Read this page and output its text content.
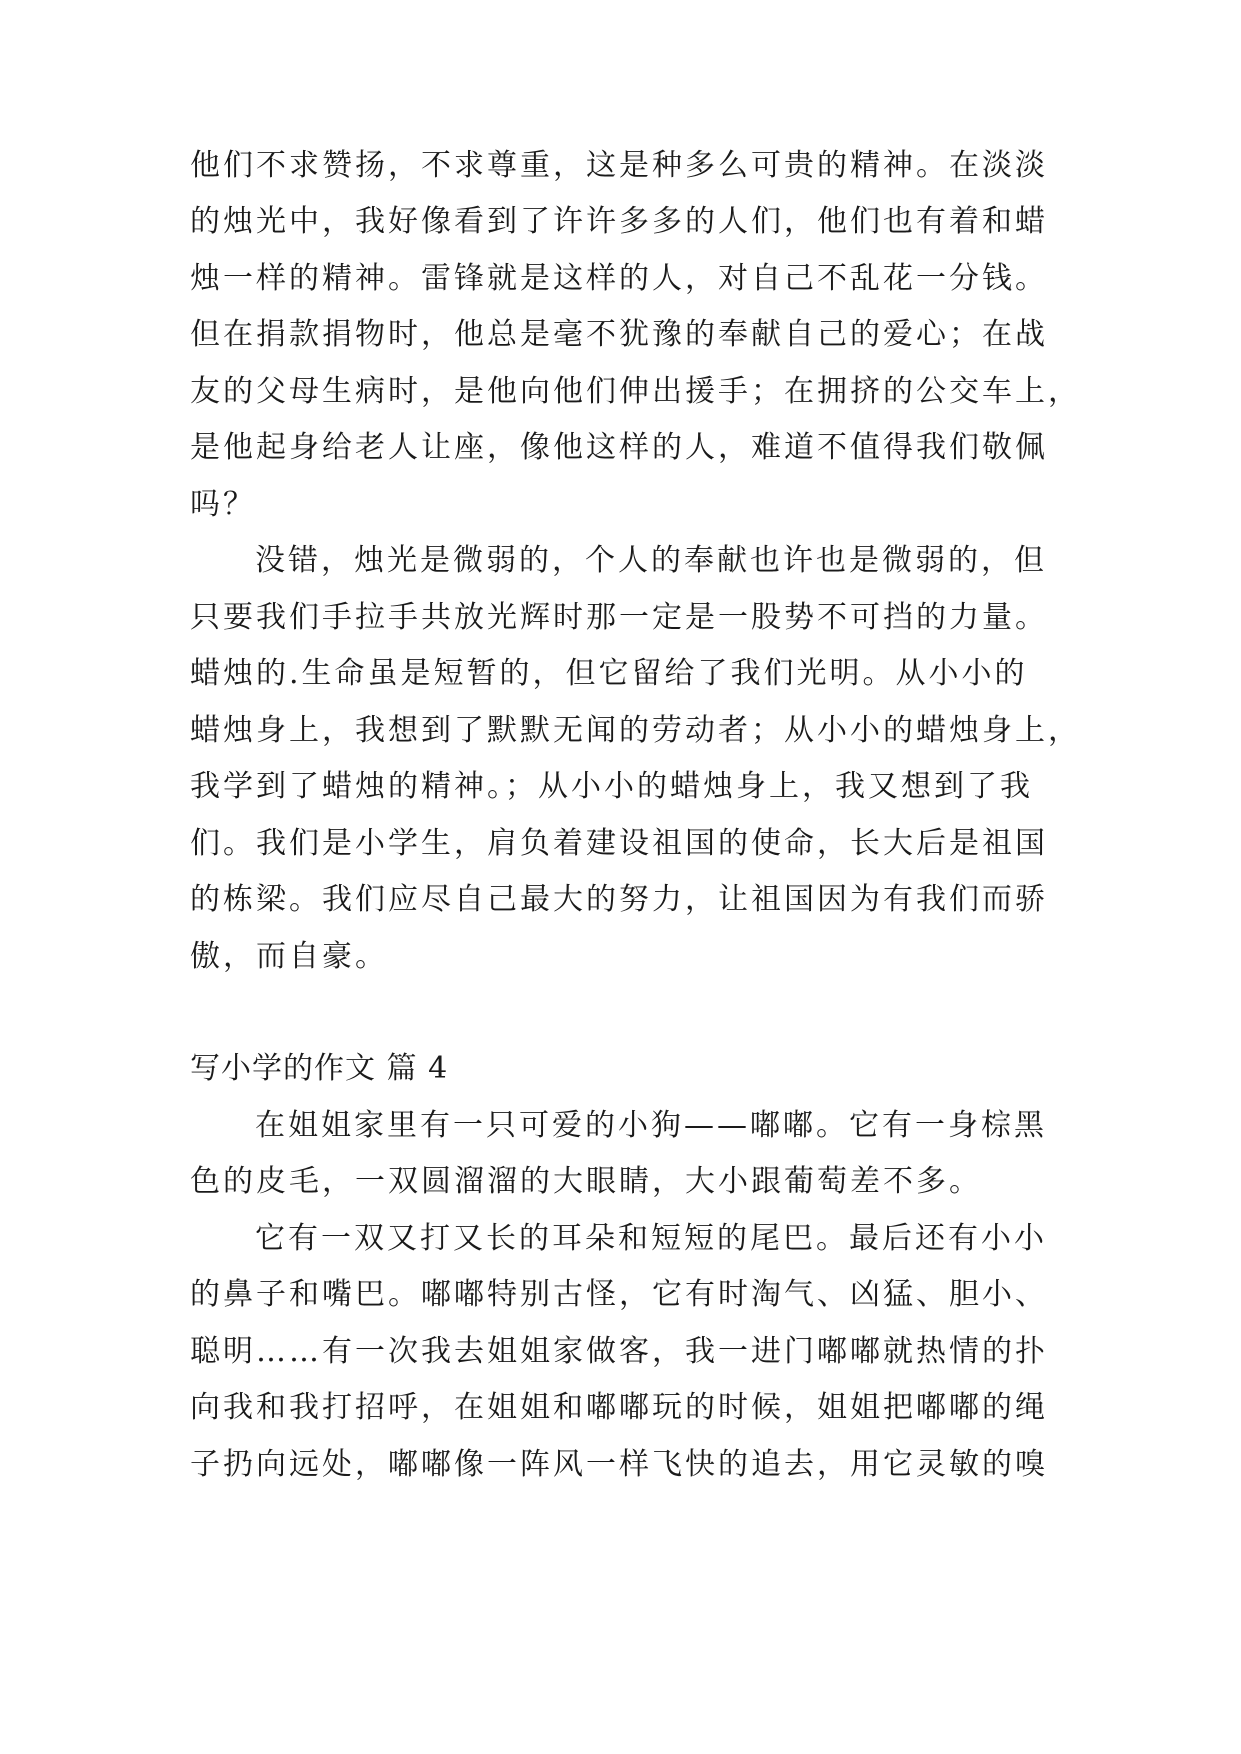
他们不求赞扬，不求尊重，这是种多么可贵的精神。在淡淡
的烛光中，我好像看到了许许多多的人们，他们也有着和蜡
烛一样的精神。雷锋就是这样的人，对自己不乱花一分钱。
但在捐款捐物时，他总是毫不犹豫的奉献自己的爱心；在战
友的父母生病时，是他向他们伸出援手；在拥挤的公交车上，
是他起身给老人让座，像他这样的人，难道不值得我们敬佩
吗？
没错，烛光是微弱的，个人的奉献也许也是微弱的，但
只要我们手拉手共放光辉时那一定是一股势不可挡的力量。
蜡烛的.生命虽是短暂的，但它留给了我们光明。从小小的
蜡烛身上，我想到了默默无闻的劳动者；从小小的蜡烛身上，
我学到了蜡烛的精神。；从小小的蜡烛身上，我又想到了我
们。我们是小学生，肩负着建设祖国的使命，长大后是祖国
的栋梁。我们应尽自己最大的努力，让祖国因为有我们而骄
傲，而自豪。
写小学的作文 篇 4
在姐姐家里有一只可爱的小狗——嘟嘟。它有一身棕黑
色的皮毛，一双圆溜溜的大眼睛，大小跟葡萄差不多。
它有一双又打又长的耳朵和短短的尾巴。最后还有小小
的鼻子和嘴巴。嘟嘟特别古怪，它有时淘气、凶猛、胆小、
聪明……有一次我去姐姐家做客，我一进门嘟嘟就热情的扑
向我和我打招呼，在姐姐和嘟嘟玩的时候，姐姐把嘟嘟的绳
子扔向远处，嘟嘟像一阵风一样飞快的追去，用它灵敏的嗅
